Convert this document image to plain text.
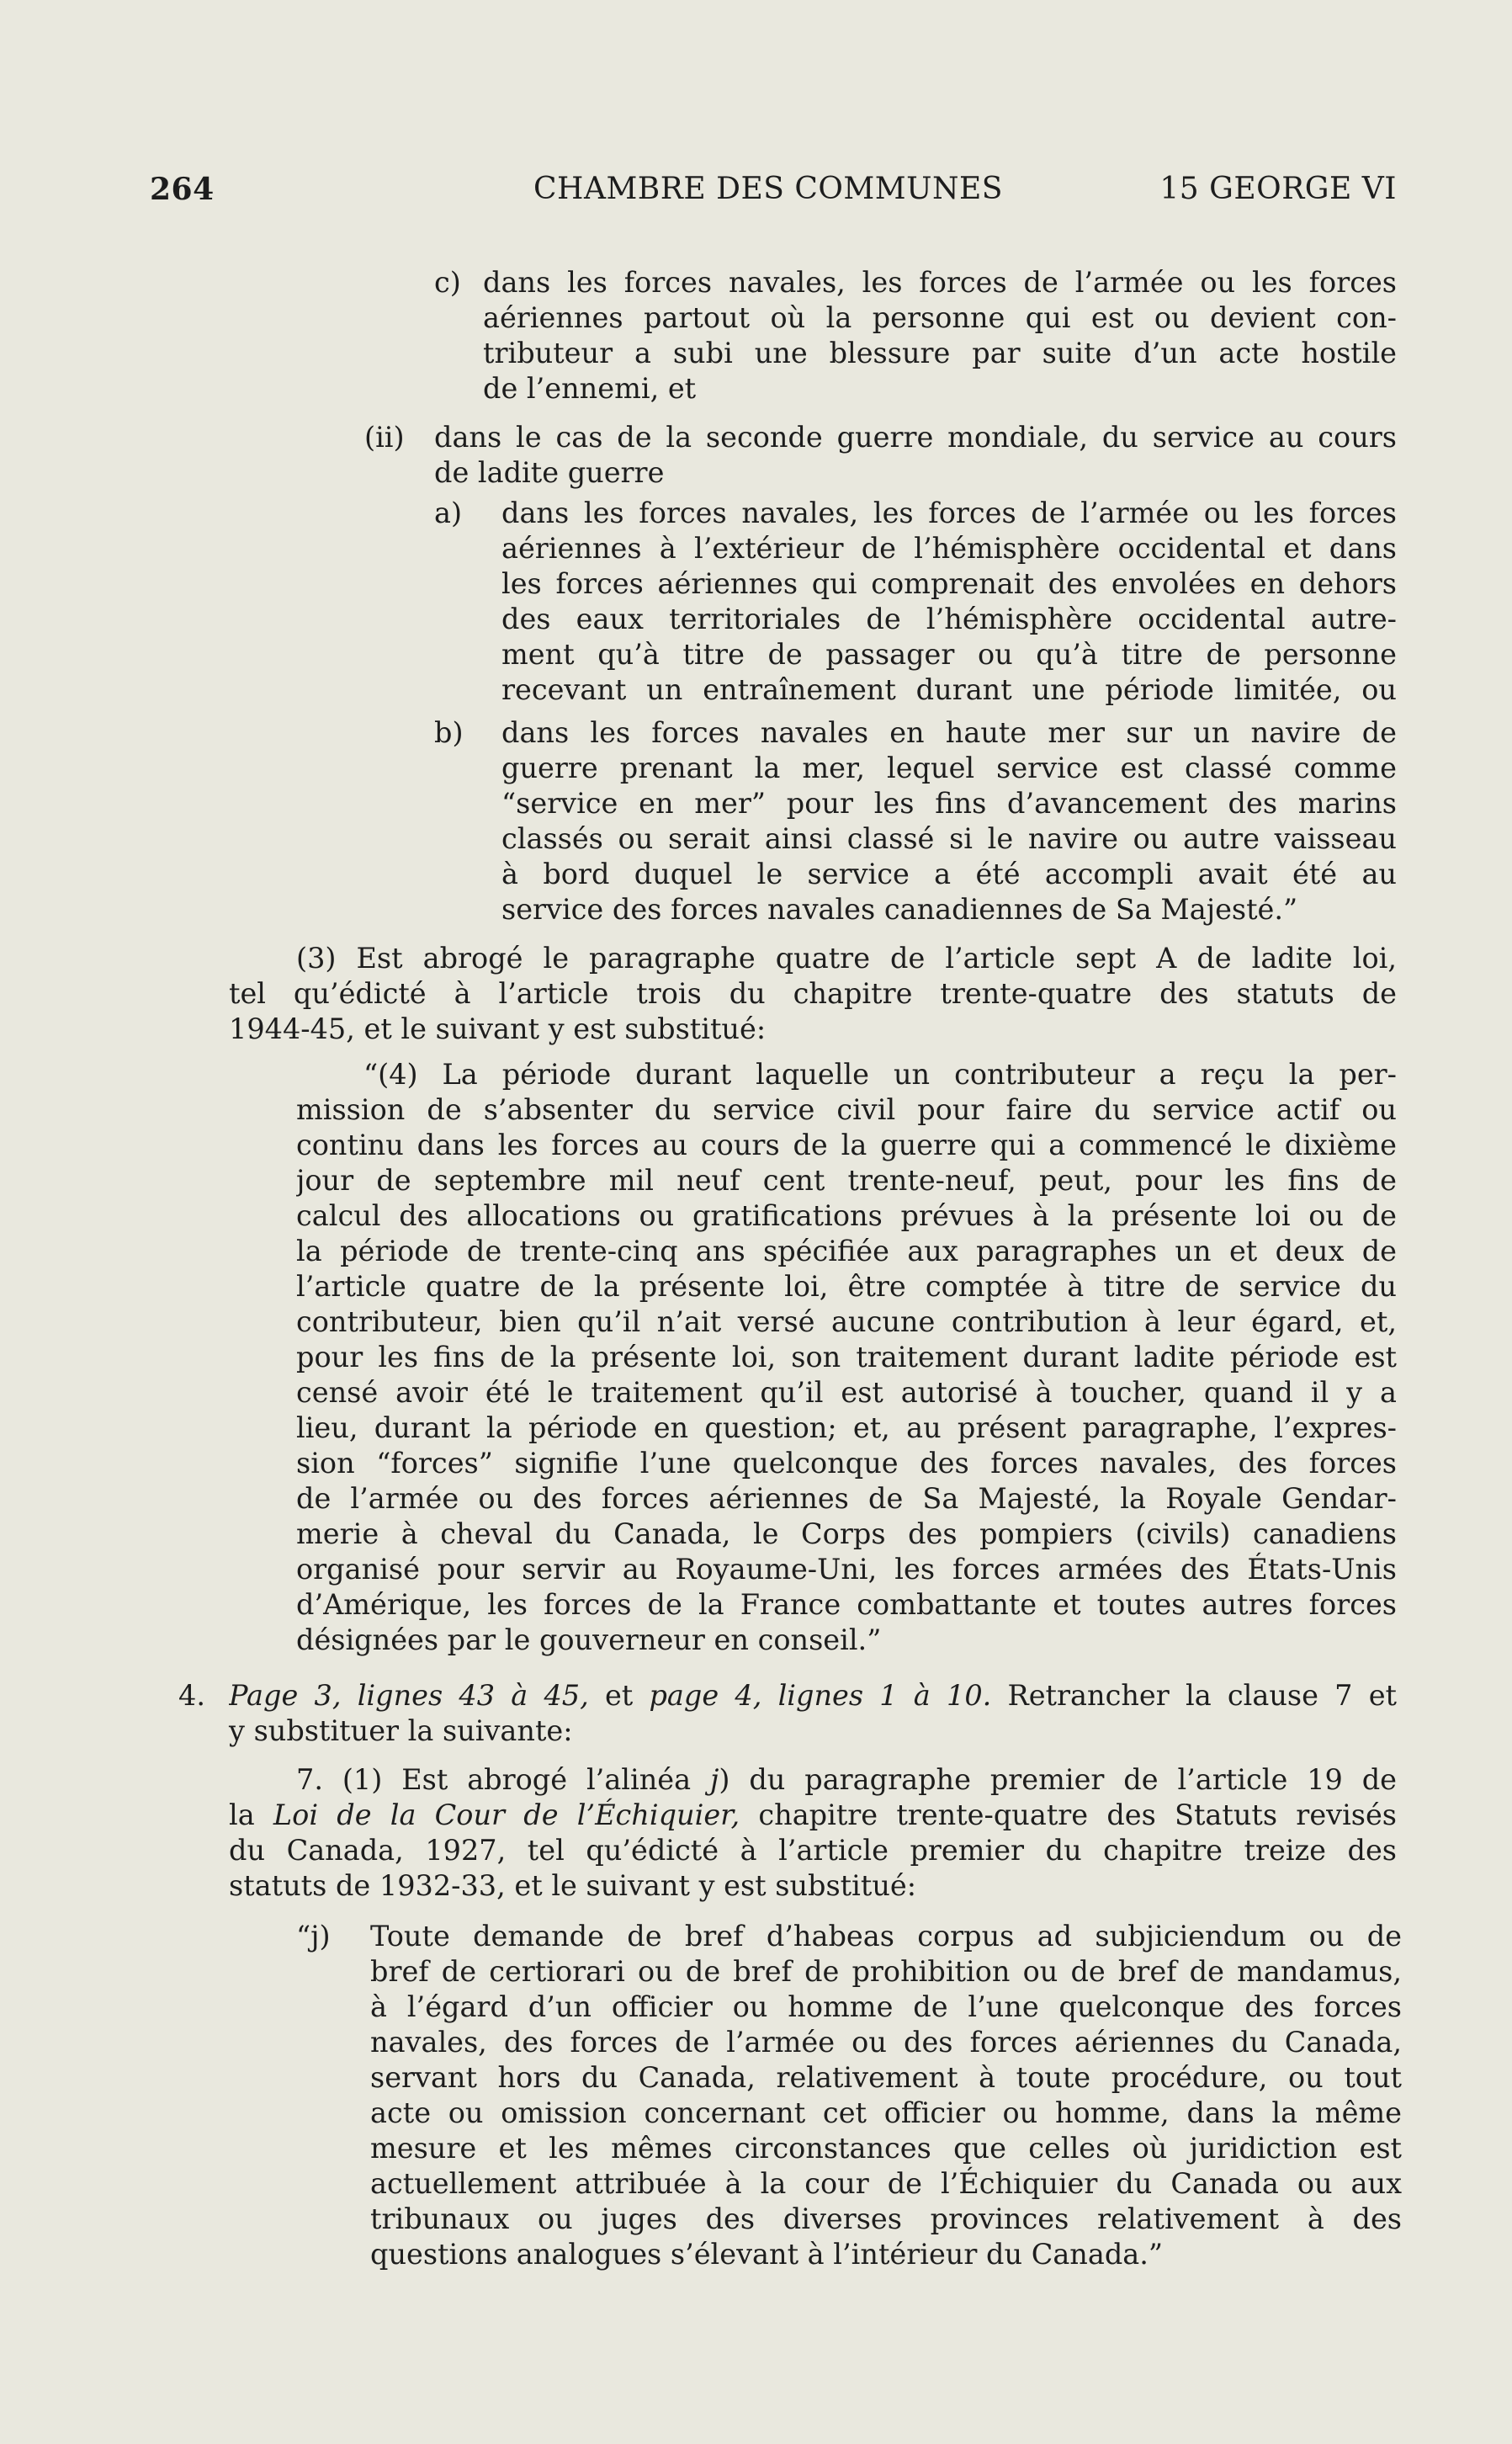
264	CHAMBRE DES COMMUNES	15 GEORGE VI
c) dans les forces navales, les forces de l’armée ou les forces
aériennes partout où la personne qui est ou devient con-
tributeur a subi une blessure par suite d’un acte hostile
de l’ennemi, et
(ii) dans le cas de la seconde guerre mondiale, du service au cours
de ladite guerre
a) dans les forces navales, les forces de l’armée ou les forces
aériennes à l’extérieur de l’hémisphère occidental et dans
les forces aériennes qui comprenait des envolées en dehors
des eaux territoriales de l’hémisphère occidental autre-
ment qu’à titre de passager ou qu’à titre de personne
recevant un entraînement durant une période limitée, ou
b) dans les forces navales en haute mer sur un navire de
guerre prenant la mer, lequel service est classé comme
“service en mer” pour les fins d’avancement des marins
classés ou serait ainsi classé si le navire ou autre vaisseau
à bord duquel le service a été accompli avait été au
service des forces navales canadiennes de Sa Majesté.”
(3) Est abrogé le paragraphe quatre de l’article sept A de ladite loi,
tel qu’édicté à l’article trois du chapitre trente-quatre des statuts de
1944-45, et le suivant y est substitué:
“(4) La période durant laquelle un contributeur a reçu la per-
mission de s’absenter du service civil pour faire du service actif ou
continu dans les forces au cours de la guerre qui a commencé le dixième
jour de septembre mil neuf cent trente-neuf, peut, pour les fins de
calcul des allocations ou gratifications prévues à la présente loi ou de
la période de trente-cinq ans spécifiée aux paragraphes un et deux de
l’article quatre de la présente loi, être comptée à titre de service du
contributeur, bien qu’il n’ait versé aucune contribution à leur égard, et,
pour les fins de la présente loi, son traitement durant ladite période est
censé avoir été le traitement qu’il est autorisé à toucher, quand il y a
lieu, durant la période en question; et, au présent paragraphe, l’expres-
sion “forces” signifie l’une quelconque des forces navales, des forces
de l’armée ou des forces aériennes de Sa Majesté, la Royale Gendar-
merie à cheval du Canada, le Corps des pompiers (civils) canadiens
organisé pour servir au Royaume-Uni, les forces armées des États-Unis
d’Amérique, les forces de la France combattante et toutes autres forces
désignées par le gouverneur en conseil.”
4. Page 3, lignes 43 à 45, et page 4, lignes 1 à 10. Retrancher la clause 7 et
y substituer la suivante:
7. (1) Est abrogé l’alinéa j) du paragraphe premier de l’article 19 de
la Loi de la Cour de l’Échiquier, chapitre trente-quatre des Statuts revisés
du Canada, 1927, tel qu’édicté à l’article premier du chapitre treize des
statuts de 1932-33, et le suivant y est substitué:
“j) Toute demande de bref d’habeas corpus ad subjiciendum ou de
bref de certiorari ou de bref de prohibition ou de bref de mandamus,
à l’égard d’un officier ou homme de l’une quelconque des forces
navales, des forces de l’armée ou des forces aériennes du Canada,
servant hors du Canada, relativement à toute procédure, ou tout
acte ou omission concernant cet officier ou homme, dans la même
mesure et les mêmes circonstances que celles où juridiction est
actuellement attribuée à la cour de l’Échiquier du Canada ou aux
tribunaux ou juges des diverses provinces relativement à des
questions analogues s’élevant à l’intérieur du Canada.”
